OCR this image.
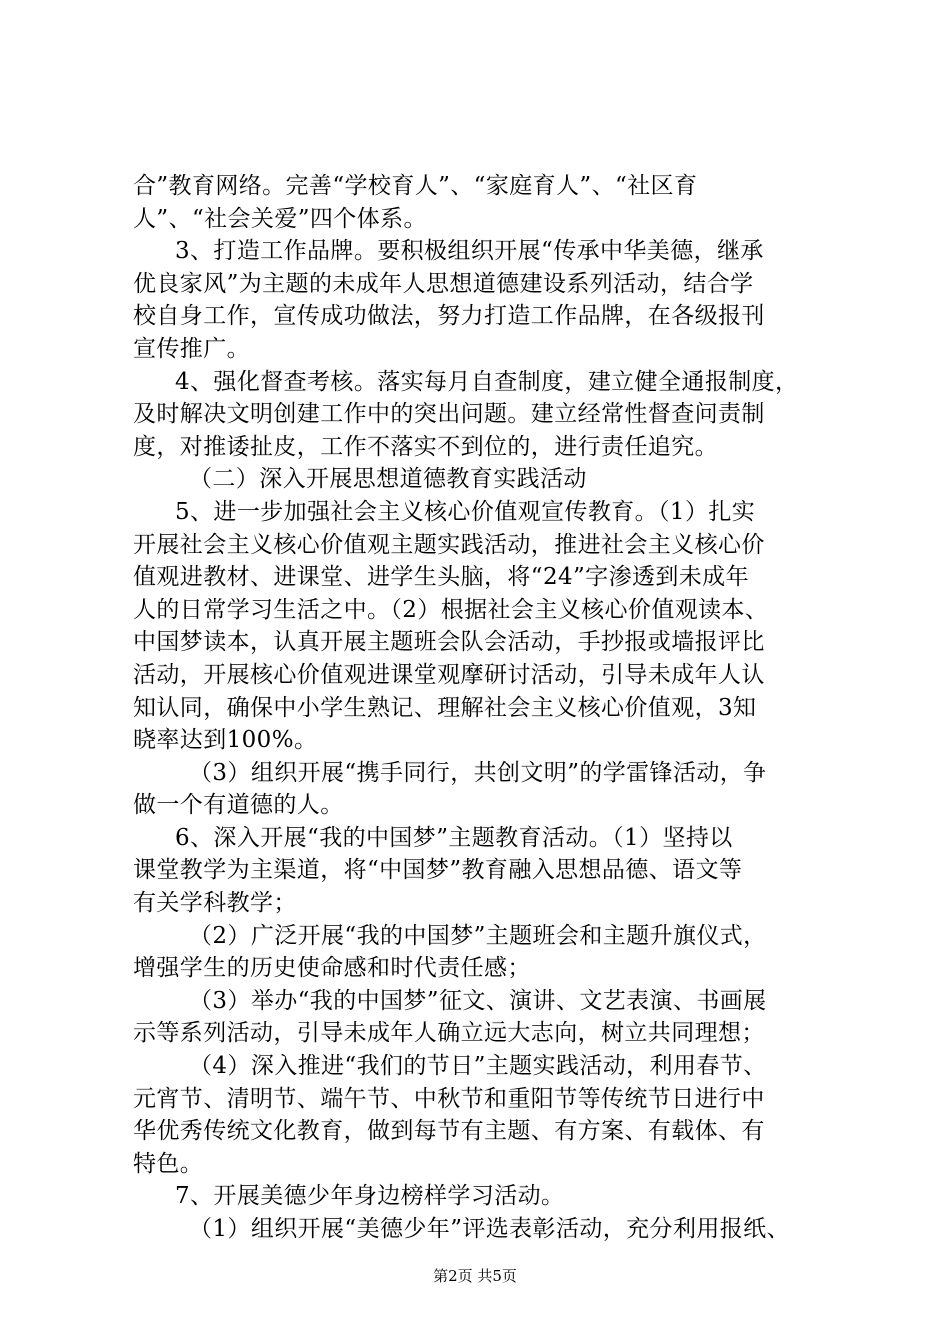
合”教育网络。完善“学校育人”、“家庭育人”、“社区育
人”、“社会关爱”四个体系。
3、打造工作品牌。要积极组织开展“传承中华美德，继承
优良家风”为主题的未成年人思想道德建设系列活动，结合学
校自身工作，宣传成功做法，努力打造工作品牌，在各级报刊
宣传推广。
4、强化督查考核。落实每月自查制度，建立健全通报制度，
及时解决文明创建工作中的突出问题。建立经常性督查问责制
度，对推诿扯皮，工作不落实不到位的，进行责任追究。
（二）深入开展思想道德教育实践活动
5、进一步加强社会主义核心价值观宣传教育。（1）扎实
开展社会主义核心价值观主题实践活动，推进社会主义核心价
值观进教材、进课堂、进学生头脑，将“24”字渗透到未成年
人的日常学习生活之中。（2）根据社会主义核心价值观读本、
中国梦读本，认真开展主题班会队会活动，手抄报或墙报评比
活动，开展核心价值观进课堂观摩研讨活动，引导未成年人认
知认同，确保中小学生熟记、理解社会主义核心价值观，3知
晓率达到100%。
（3）组织开展“携手同行，共创文明”的学雷锋活动，争
做一个有道德的人。
6、深入开展“我的中国梦”主题教育活动。（1）坚持以
课堂教学为主渠道，将“中国梦”教育融入思想品德、语文等
有关学科教学；
（2）广泛开展“我的中国梦”主题班会和主题升旗仪式，
增强学生的历史使命感和时代责任感；
（3）举办“我的中国梦”征文、演讲、文艺表演、书画展
示等系列活动，引导未成年人确立远大志向，树立共同理想；
（4）深入推进“我们的节日”主题实践活动，利用春节、
元宵节、清明节、端午节、中秋节和重阳节等传统节日进行中
华优秀传统文化教育，做到每节有主题、有方案、有载体、有
特色。
7、开展美德少年身边榜样学习活动。
（1）组织开展“美德少年”评选表彰活动，充分利用报纸、
第2页 共5页
